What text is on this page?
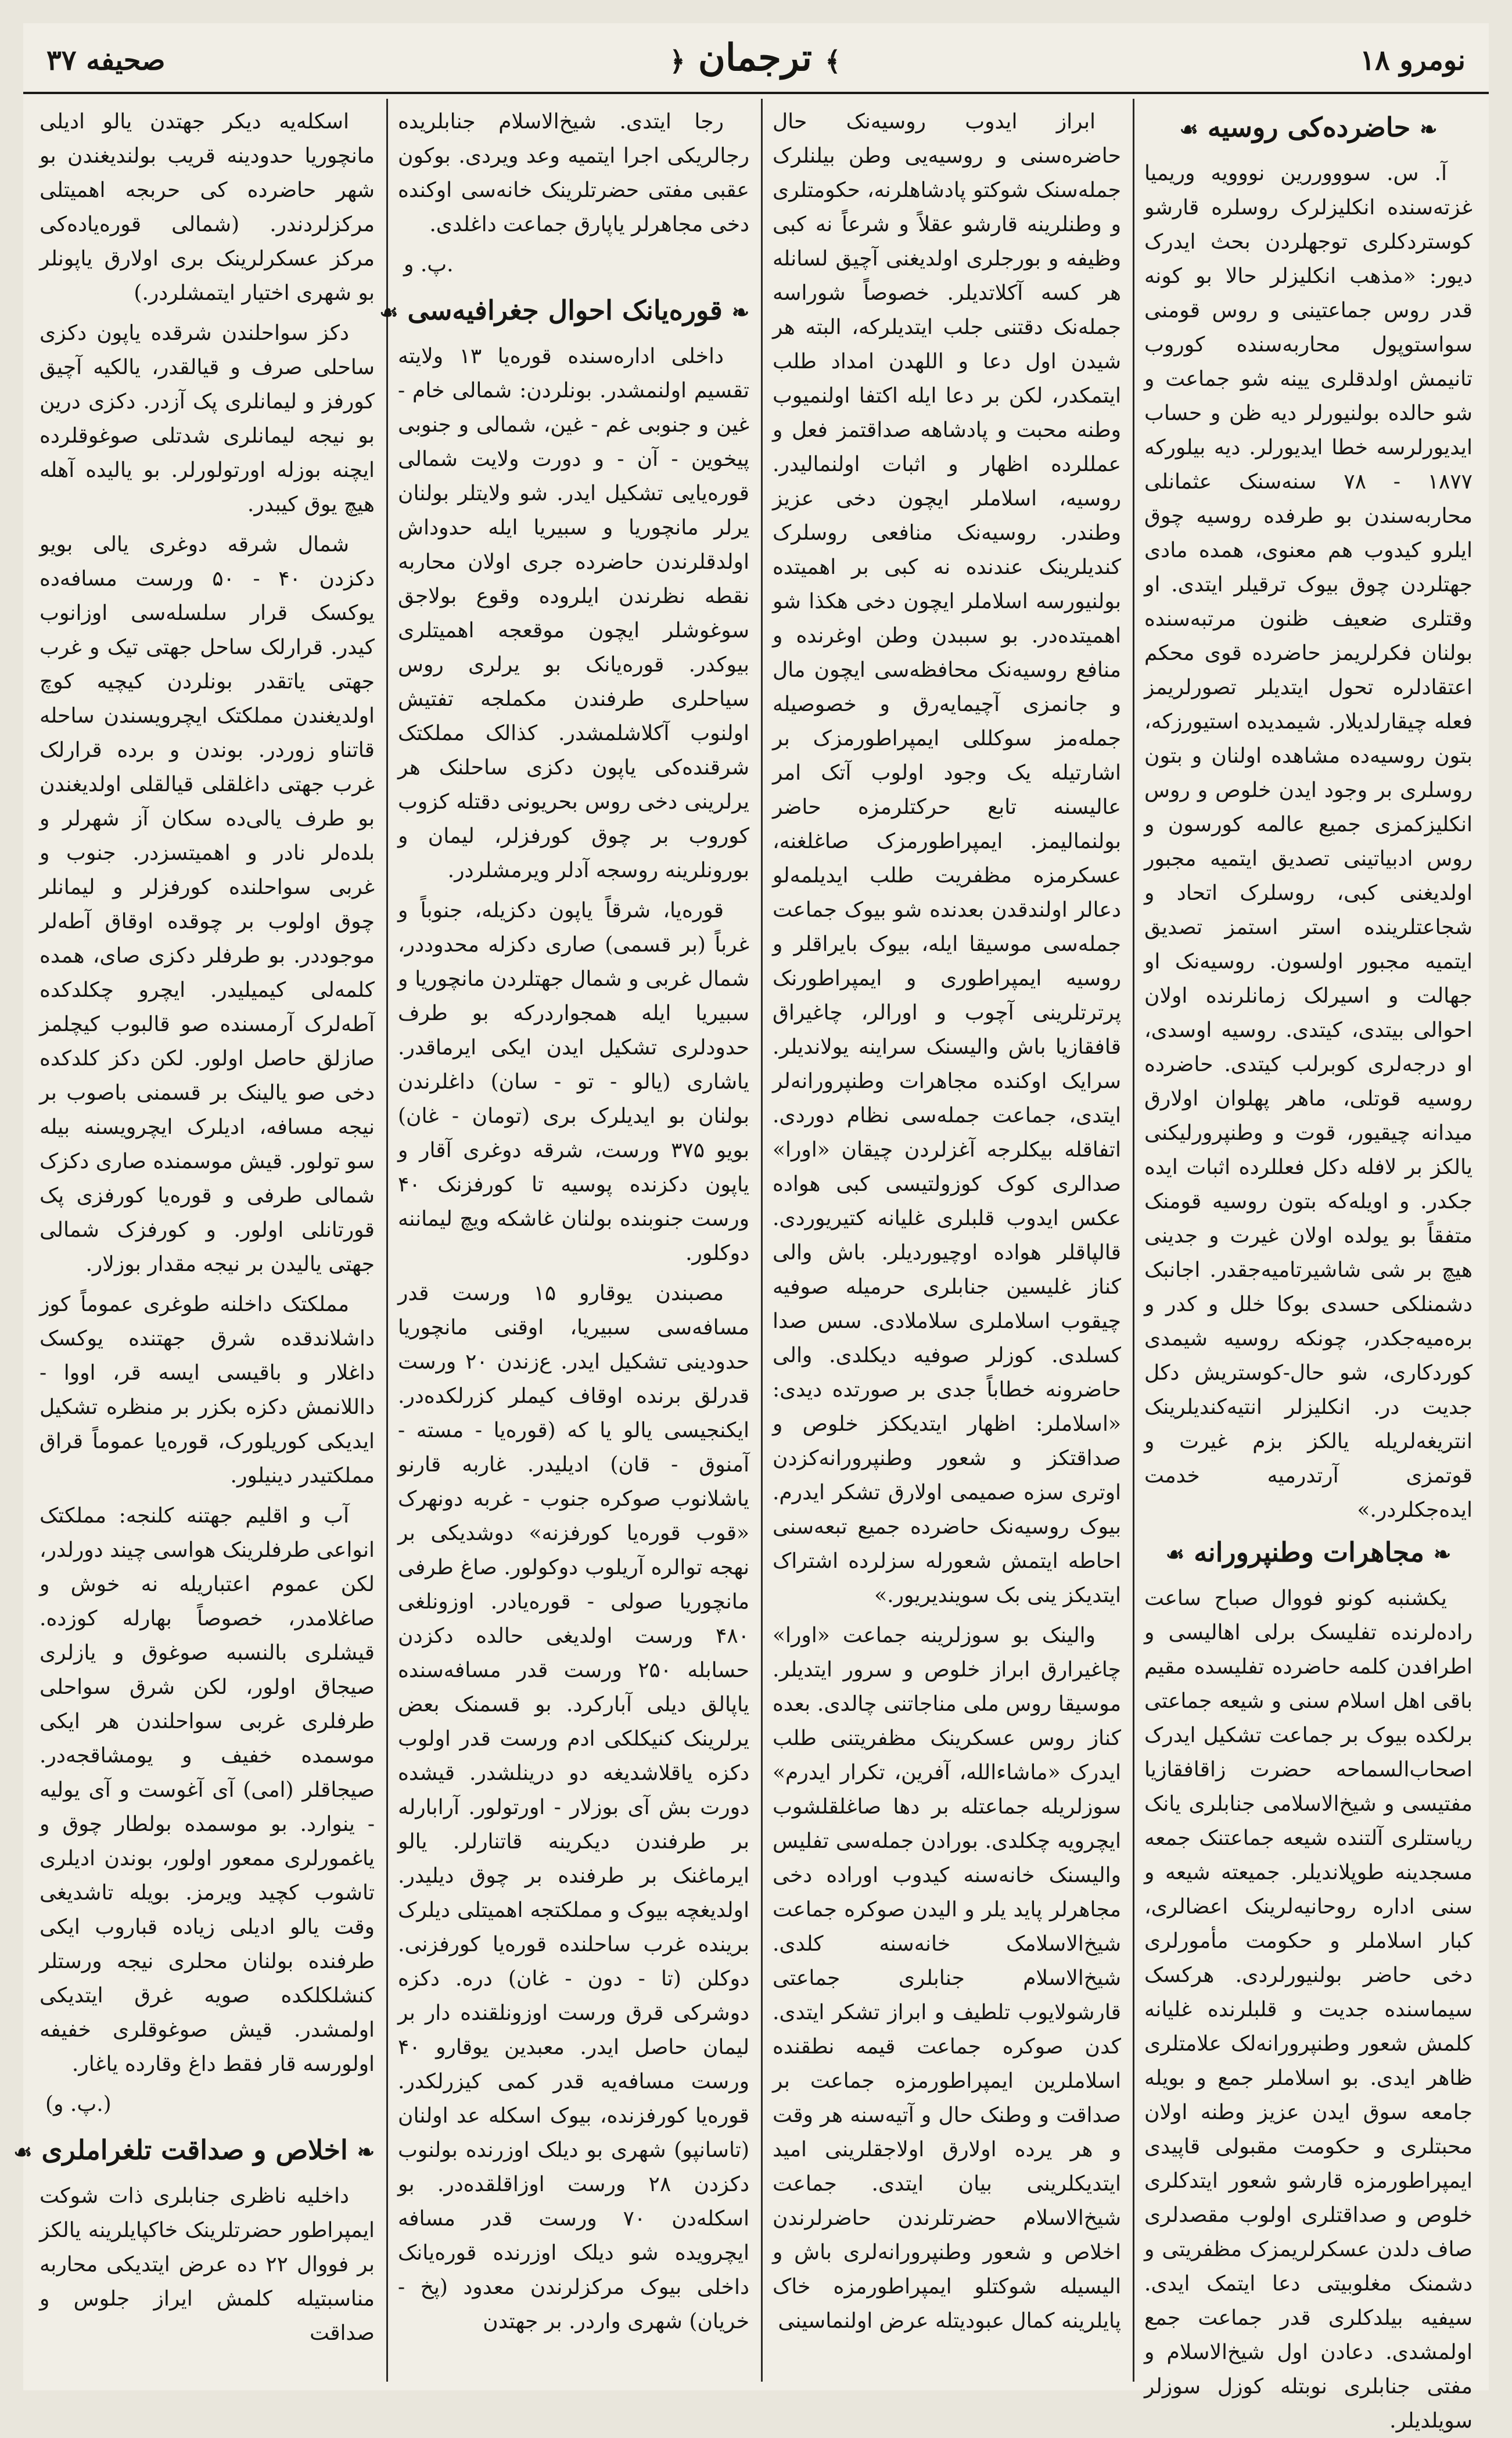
صحیفه ۳۷	﴾ ترجمان ﴿	نومرو ۱۸
❧ حاضرده‌کی روسیه ☙

آ. س. سوووررین نووویه وریمیا غزته‌سنده انکلیزلرک روسلره قارشو کوستردکلری توجهلردن بحث ایدرک دیور: «مذهب انکلیزلر حالا بو کونه قدر روس جماعتینی و روس قومنی سواستوپول محاربه‌سنده کوروب تانیمش اولدقلری یینه شو جماعت و شو حالده بولنیورلر دیه ظن و حساب ایدیورلرسه خطا ایدیورلر. دیه بیلورکه ۱۸۷۷ - ۷۸ سنه‌سنک عثمانلی محاربه‌سندن بو طرفده روسیه چوق ایلرو کیدوب هم معنوی، همده مادی جهتلردن چوق بیوک ترقیلر ایتدی. او وقتلری ضعیف ظنون مرتبه‌سنده بولنان فکرلریمز حاضرده قوی محکم اعتقادلره تحول ایتدیلر تصورلریمز فعله چیقارلدیلار. شیمدیده استیورزکه، بتون روسیه‌ده مشاهده اولنان و بتون روسلری بر وجود ایدن خلوص و روس انکلیزکمزی جمیع عالمه کورسون و روس ادبیاتینی تصدیق ایتمیه مجبور اولدیغنی کبی، روسلرک اتحاد و شجاعتلرینده استر استمز تصدیق ایتمیه مجبور اولسون. روسیه‌نک او جهالت و اسیرلک زمانلرنده اولان احوالی بیتدی، کیتدی. روسیه اوسدی، او درجه‌لری کوبرلب کیتدی. حاضرده روسیه قوتلی، ماهر پهلوان اولارق میدانه چیقیور، قوت و وطنپرورلیکنی یالکز بر لافله دکل فعللرده اثبات ایده جکدر. و اویله‌که بتون روسیه قومنک متفقاً بو یولده اولان غیرت و جدینی هیچ بر شی شاشیرتامیه‌جقدر. اجانبک دشمنلکی حسدی بوکا خلل و کدر و بره‌میه‌جکدر، چونکه روسیه شیمدی کوردکاری، شو حال-کوستریش دکل جدیت در. انکلیزلر انتیه‌کندیلرینک انتریغه‌لریله یالکز بزم غیرت و قوتمزی آرتدرمیه خدمت ایده‌جکلردر.»

❧ مجاهرات وطنپرورانه ☙

یکشنبه کونو فووال صباح ساعت راده‌لرنده تفلیسک برلی اهالیسی و اطرافدن کلمه حاضرده تفلیسده مقیم باقی اهل اسلام سنی و شیعه جماعتی برلکده بیوک بر جماعت تشکیل ایدرک اصحاب‌السماحه حضرت زاقافقازیا مفتیسی و شیخ‌الاسلامی جنابلری یانک ریاستلری آلتنده شیعه جماعتنک جمعه مسجدینه طوپلاندیلر. جمیعته شیعه و سنی اداره روحانیه‌لرینک اعضالری، کبار اسلاملر و حکومت مأمورلری دخی حاضر بولنیورلردی. هرکسک سیماسنده جدیت و قلبلرنده غلیانه کلمش شعور وطنپرورانه‌لک علامتلری ظاهر ایدی. بو اسلاملر جمع و بویله جامعه سوق ایدن عزیز وطنه اولان محبتلری و حکومت مقبولی قاپیدی ایمپراطورمزه قارشو شعور ایتدکلری خلوص و صداقتلری اولوب مقصدلری صاف دلدن عسکرلریمزک مظفریتی و دشمنک مغلوبیتی دعا ایتمک ایدی. سیفیه بیلدکلری قدر جماعت جمع اولمشدی. دعادن اول شیخ‌الاسلام و مفتی جنابلری نوبتله کوزل سوزلر سویلدیلر.

ابراز ایدوب روسیه‌نک حال حاضره‌سنی و روسیه‌یی وطن بیلنلرک جمله‌سنک شوکتو پادشاهلرنه، حکومتلری و وطنلرینه قارشو عقلاً و شرعاً نه کبی وظیفه و بورجلری اولدیغنی آچیق لسانله هر کسه آکلاتدیلر. خصوصاً شوراسه جمله‌نک دقتنی جلب ایتدیلرکه، البته هر شیدن اول دعا و اللهدن امداد طلب ایتمکدر، لکن بر دعا ایله اکتفا اولنمیوب وطنه محبت و پادشاهه صداقتمز فعل و عمللرده اظهار و اثبات اولنمالیدر. روسیه، اسلاملر ایچون دخی عزیز وطندر. روسیه‌نک منافعی روسلرک کندیلرینک عندنده نه کبی بر اهمیتده بولنیورسه اسلاملر ایچون دخی هکذا شو اهمیتده‌در. بو سببدن وطن اوغرنده و منافع روسیه‌نک محافظه‌سی ایچون مال و جانمزی آچیمایه‌رق و خصوصیله جمله‌مز سوکللی ایمپراطورمزک بر اشارتیله یک وجود اولوب آتک امر عالیسنه تابع حرکتلرمزه حاضر بولنمالیمز. ایمپراطورمزک صاغلغنه، عسکرمزه مظفریت طلب ایدیلمه‌لو دعالر اولندقدن بعدنده شو بیوک جماعت جمله‌سی موسیقا ایله، بیوک بایراقلر و روسیه ایمپراطوری و ایمپراطورنک پرترتلرینی آچوب و اورالر، چاغیراق قافقازیا باش والیسنک سراینه یولاندیلر. سرایک اوکنده مجاهرات وطنپرورانه‌لر ایتدی، جماعت جمله‌سی نظام دوردی. اتفاقله بیکلرجه آغزلردن چیقان «اورا» صدالری کوک کوزولتیسی کبی هواده عکس ایدوب قلبلری غلیانه کتیریوردی. قالپاقلر هواده اوچیوردیلر. باش والی کناز غلیسین جنابلری حرمیله صوفیه چیقوب اسلاملری سلاملادی. سس صدا کسلدی. کوزلر صوفیه دیکلدی. والی حاضرونه خطاباً جدی بر صورتده دیدی: «اسلاملر: اظهار ایتدیککز خلوص و صداقتکز و شعور وطنپرورانه‌کزدن اوتری سزه صمیمی اولارق تشکر ایدرم. بیوک روسیه‌نک حاضرده جمیع تبعه‌سنی احاطه ایتمش شعورله سزلرده اشتراک ایتدیکز ینی بک سویندیریور.»

والینک بو سوزلرینه جماعت «اورا» چاغیرارق ابراز خلوص و سرور ایتدیلر. موسیقا روس ملی مناجاتنی چالدی. بعده کناز روس عسکرینک مظفریتنی طلب ایدرک «ماشاءالله، آفرین، تکرار ایدرم» سوزلریله جماعتله بر دها صاغلقلشوب ایچرویه چکلدی. بورادن جمله‌سی تفلیس والیسنک خانه‌سنه کیدوب اوراده دخی مجاهرلر پاید یلر و الیدن صوکره جماعت شیخ‌الاسلامک خانه‌سنه کلدی. شیخ‌الاسلام جنابلری جماعتی قارشولایوب تلطیف و ابراز تشکر ایتدی. کدن صوکره جماعت قیمه نطقنده اسلاملرین ایمپراطورمزه جماعت بر صداقت و وطنک حال و آتیه‌سنه هر وقت و هر یرده اولارق اولاجقلرینی امید ایتدیکلرینی بیان ایتدی. جماعت شیخ‌الاسلام حضرتلرندن حاضرلرندن اخلاص و شعور وطنپرورانه‌لری باش و الیسیله شوکتلو ایمپراطورمزه خاک پایلرینه کمال عبودیتله عرض اولنماسینی

رجا ایتدی. شیخ‌الاسلام جنابلریده رجالریکی اجرا ایتمیه وعد ویردی. بوکون عقبی مفتی حضرتلرینک خانه‌سی اوکنده دخی مجاهرلر یاپارق جماعت داغلدی.

پ. و.
❧ قوره‌یانک احوال جغرافیه‌سی ☙

داخلی اداره‌سنده قوره‌یا ۱۳ ولایته تقسیم اولنمشدر. بونلردن: شمالی خام - غین و جنوبی غم - غین، شمالی و جنوبی پیخوین - آن - و دورت ولایت شمالی قوره‌یایی تشکیل ایدر. شو ولایتلر بولنان یرلر مانچوریا و سبیریا ایله حدوداش اولدقلرندن حاضرده جری اولان محاربه نقطه نظرندن ایلروده وقوع بولاجق سوغوشلر ایچون موقعجه اهمیتلری بیوکدر. قوره‌یانک بو یرلری روس سیاحلری طرفندن مکملجه تفتیش اولنوب آکلاشلمشدر. کذالک مملکتک شرقنده‌کی یاپون دکزی ساحلنک هر یرلرینی دخی روس بحریونی دقتله کزوب کوروب بر چوق کورفزلر، لیمان و بورونلرینه روسجه آدلر ویرمشلردر.

قوره‌یا، شرقاً یاپون دکزیله، جنوباً و غرباً (بر قسمی) صاری دکزله محدوددر، شمال غربی و شمال جهتلردن مانچوریا و سبیریا ایله همجواردرکه بو طرف حدودلری تشکیل ایدن ایکی ایرماقدر. یاشاری (یالو - تو - سان) داغلرندن بولنان بو ایدیلرک بری (تومان - غان) بویو ۳۷۵ ورست، شرقه دوغری آقار و یاپون دکزنده پوسیه تا کورفزنک ۴۰ ورست جنوبنده بولنان غاشکه ویچ لیماننه دوکلور.

مصبندن یوقارو ۱۵ ورست قدر مسافه‌سی سبیریا، اوقنی مانچوریا حدودینی تشکیل ایدر. ع‌زندن ۲۰ ورست قدرلق برنده اوقاف کیملر کزرلکده‌در. ایکنجیسی یالو یا که (قوره‌یا - مسته - آمنوق - قان) ادیلیدر. غاربه قارنو یاشلانوب صوکره جنوب - غربه دونهرک «قوب قوره‌یا کورفزنه» دوشدیکی بر نهجه توالره آریلوب دوکولور. صاغ طرفی مانچوریا صولی - قوره‌یادر. اوزونلغی ۴۸۰ ورست اولدیغی حالده دکزدن حسابله ۲۵۰ ورست قدر مسافه‌سنده یاپالق دیلی آبارکرد. بو قسمنک بعض یرلرینک کنیکلکی ادم ورست قدر اولوب دکزه یاقلاشدیغه دو درینلشدر. قیشده دورت بش آی بوزلار - اورتولور. آرابارله بر طرفندن دیکرینه قاتنارلر. یالو ایرماغنک بر طرفنده بر چوق دیلیدر. اولدیغچه بیوک و مملکتجه اهمیتلی دیلرک برینده غرب ساحلنده قوره‌یا کورفزنی. دوکلن (تا - دون - غان) دره. دکزه دوشرکی قرق ورست اوزونلقنده دار بر لیمان حاصل ایدر. معبدین یوقارو ۴۰ ورست مسافه‌یه قدر کمی کیزرلکدر. قوره‌یا کورفزنده، بیوک اسکله عد اولنان (تاسانپو) شهری بو دیلک اوزرنده بولنوب دکزدن ۲۸ ورست اوزاقلقده‌در. بو اسکله‌دن ۷۰ ورست قدر مسافه ایچرویده شو دیلک اوزرنده قوره‌یانک داخلی بیوک مرکزلرندن معدود (پخ - خریان) شهری واردر. بر جهتدن

اسکله‌یه دیکر جهتدن یالو ادیلی مانچوریا حدودینه قریب بولندیغندن بو شهر حاضرده کی حربجه اهمیتلی مرکزلردندر. (شمالی قوره‌یاده‌کی مرکز عسکرلرینک بری اولارق یاپونلر بو شهری اختیار ایتمشلردر.)

دکز سواحلندن شرقده یاپون دکزی ساحلی صرف و قیالقدر، یالکیه آچیق کورفز و لیمانلری پک آزدر. دکزی درین بو نیجه لیمانلری شدتلی صوغوقلرده ایچنه بوزله اورتولورلر. بو یالیده آهله هیچ یوق کیبدر.

شمال شرقه دوغری یالی بویو دکزدن ۴۰ - ۵۰ ورست مسافه‌ده یوکسک قرار سلسله‌سی اوزانوب کیدر. قرارلک ساحل جهتی تیک و غرب جهتی یاتقدر بونلردن کیچیه کوچ اولدیغندن مملکتک ایچرویسندن ساحله قاتناو زوردر. بوندن و برده قرارلک غرب جهتی داغلقلی قیالقلی اولدیغندن بو طرف یالی‌ده سکان آز شهرلر و بلده‌لر نادر و اهمیتسزدر. جنوب و غربی سواحلنده کورفزلر و لیمانلر چوق اولوب بر چوقده اوقاق آطه‌لر موجوددر. بو طرفلر دکزی صای، همده کلمه‌لی کیمیلیدر. ایچرو چکلدکده آطه‌لرک آرمسنده صو قالبوب کیچلمز صازلق حاصل اولور. لکن دکز کلدکده دخی صو یالینک بر قسمنی باصوب بر نیجه مسافه، ادیلرک ایچرویسنه بیله سو تولور. قیش موسمنده صاری دکزک شمالی طرفی و قوره‌یا کورفزی پک قورتانلی اولور. و کورفزک شمالی جهتی یالیدن بر نیجه مقدار بوزلار.

مملکتک داخلنه طوغری عموماً کوز داشلاندقده شرق جهتنده یوکسک داغلار و باقیسی ایسه قر، اووا - داللانمش دکزه بکزر بر منظره تشکیل ایدیکی کوریلورک، قوره‌یا عموماً قراق مملکتیدر دینیلور.

آب و اقلیم جهتنه کلنجه: مملکتک انواعی طرفلرینک هواسی چیند دورلدر، لکن عموم اعتباریله نه خوش و صاغلامدر، خصوصاً بهارله کوزده. قیشلری بالنسبه صوغوق و یازلری صیجاق اولور، لکن شرق سواحلی طرفلری غربی سواحلندن هر ایکی موسمده خفیف و یومشاقجه‌در. صیجاقلر (امی) آی آغوست و آی یولیه - ینوارد. بو موسمده بولطار چوق و یاغمورلری ممعور اولور، بوندن ادیلری تاشوب کچید ویرمز. بویله تاشدیغی وقت یالو ادیلی زیاده قباروب ایکی طرفنده بولنان محلری نیجه ورستلر کنشلکلکده صویه غرق ایتدیکی اولمشدر. قیش صوغوقلری خفیفه اولورسه قار فقط داغ وقارده یاغار.

(پ. و.)
❧ اخلاص و صداقت تلغراملری ☙

داخلیه ناظری جنابلری ذات شوکت ایمپراطور حضرتلرینک خاکپایلرینه یالکز بر فووال ۲۲ ده عرض ایتدیکی محاربه مناسبتیله کلمش ایراز جلوس و صداقت
